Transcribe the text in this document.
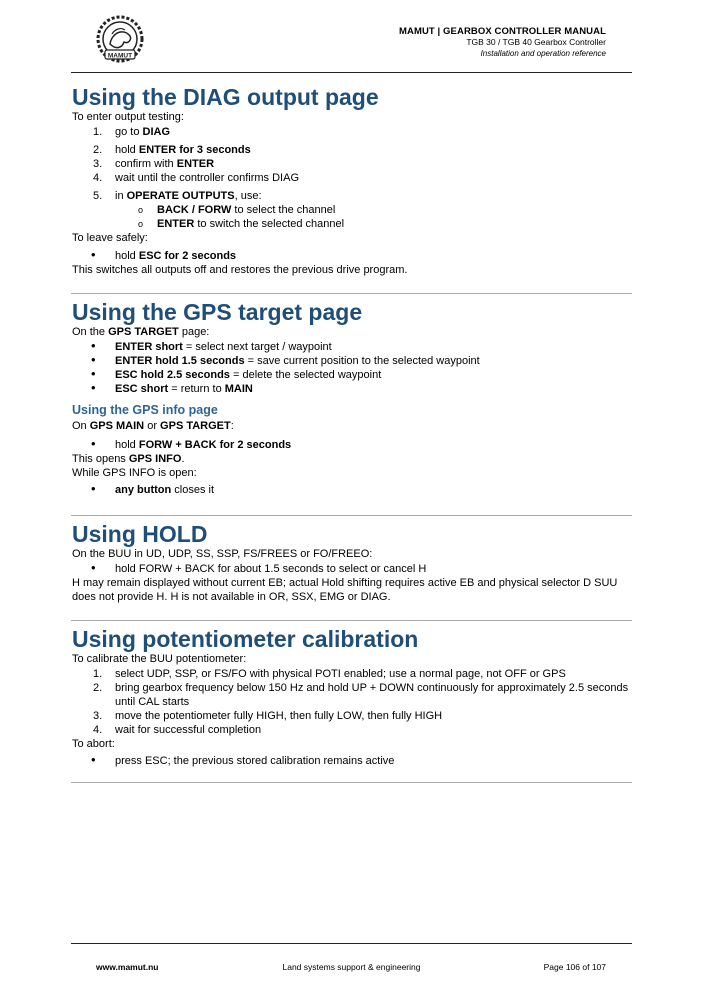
MAMUT
MAMUT | GEARBOX CONTROLLER MANUAL
TGB 30 / TGB 40 Gearbox Controller
Installation and operation reference
Using the DIAG output page

To enter output testing:

1. go to DIAG
2. hold ENTER for 3 seconds
3. confirm with ENTER
4. wait until the controller confirms DIAG
5. in OPERATE OUTPUTS, use:
o BACK / FORW to select the channel
o ENTER to switch the selected channel

To leave safely:

• hold ESC for 2 seconds

This switches all outputs off and restores the previous drive program.

Using the GPS target page

On the GPS TARGET page:

• ENTER short = select next target / waypoint
• ENTER hold 1.5 seconds = save current position to the selected waypoint
• ESC hold 2.5 seconds = delete the selected waypoint
• ESC short = return to MAIN
Using the GPS info page

On GPS MAIN or GPS TARGET:

• hold FORW + BACK for 2 seconds

This opens GPS INFO.

While GPS INFO is open:

• any button closes it
Using HOLD

On the BUU in UD, UDP, SS, SSP, FS/FREES or FO/FREEO:

• hold FORW + BACK for about 1.5 seconds to select or cancel H

H may remain displayed without current EB; actual Hold shifting requires active EB and physical selector D SUU does not provide H. H is not available in OR, SSX, EMG or DIAG.

Using potentiometer calibration

To calibrate the BUU potentiometer:

1. select UDP, SSP, or FS/FO with physical POTI enabled; use a normal page, not OFF or GPS
2. bring gearbox frequency below 150 Hz and hold UP + DOWN continuously for approximately 2.5 seconds until CAL starts
3. move the potentiometer fully HIGH, then fully LOW, then fully HIGH
4. wait for successful completion

To abort:

• press ESC; the previous stored calibration remains active
www.mamut.nu	Land systems support & engineering	Page 106 of 107
